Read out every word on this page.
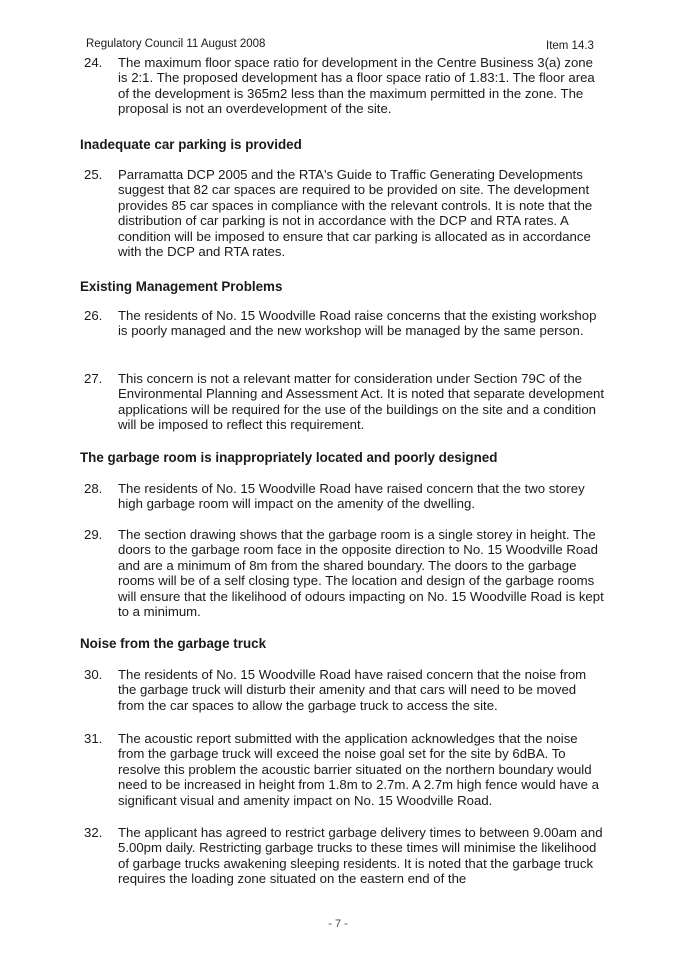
Regulatory Council 11 August 2008	Item 14.3
24. The maximum floor space ratio for development in the Centre Business 3(a) zone is 2:1. The proposed development has a floor space ratio of 1.83:1. The floor area of the development is 365m2 less than the maximum permitted in the zone. The proposal is not an overdevelopment of the site.
Inadequate car parking is provided
25. Parramatta DCP 2005 and the RTA's Guide to Traffic Generating Developments suggest that 82 car spaces are required to be provided on site. The development provides 85 car spaces in compliance with the relevant controls. It is note that the distribution of car parking is not in accordance with the DCP and RTA rates. A condition will be imposed to ensure that car parking is allocated as in accordance with the DCP and RTA rates.
Existing Management Problems
26. The residents of No. 15 Woodville Road raise concerns that the existing workshop is poorly managed and the new workshop will be managed by the same person.
27. This concern is not a relevant matter for consideration under Section 79C of the Environmental Planning and Assessment Act. It is noted that separate development applications will be required for the use of the buildings on the site and a condition will be imposed to reflect this requirement.
The garbage room is inappropriately located and poorly designed
28. The residents of No. 15 Woodville Road have raised concern that the two storey high garbage room will impact on the amenity of the dwelling.
29. The section drawing shows that the garbage room is a single storey in height. The doors to the garbage room face in the opposite direction to No. 15 Woodville Road and are a minimum of 8m from the shared boundary. The doors to the garbage rooms will be of a self closing type. The location and design of the garbage rooms will ensure that the likelihood of odours impacting on No. 15 Woodville Road is kept to a minimum.
Noise from the garbage truck
30. The residents of No. 15 Woodville Road have raised concern that the noise from the garbage truck will disturb their amenity and that cars will need to be moved from the car spaces to allow the garbage truck to access the site.
31. The acoustic report submitted with the application acknowledges that the noise from the garbage truck will exceed the noise goal set for the site by 6dBA. To resolve this problem the acoustic barrier situated on the northern boundary would need to be increased in height from 1.8m to 2.7m. A 2.7m high fence would have a significant visual and amenity impact on No. 15 Woodville Road.
32. The applicant has agreed to restrict garbage delivery times to between 9.00am and 5.00pm daily. Restricting garbage trucks to these times will minimise the likelihood of garbage trucks awakening sleeping residents. It is noted that the garbage truck requires the loading zone situated on the eastern end of the
- 7 -
